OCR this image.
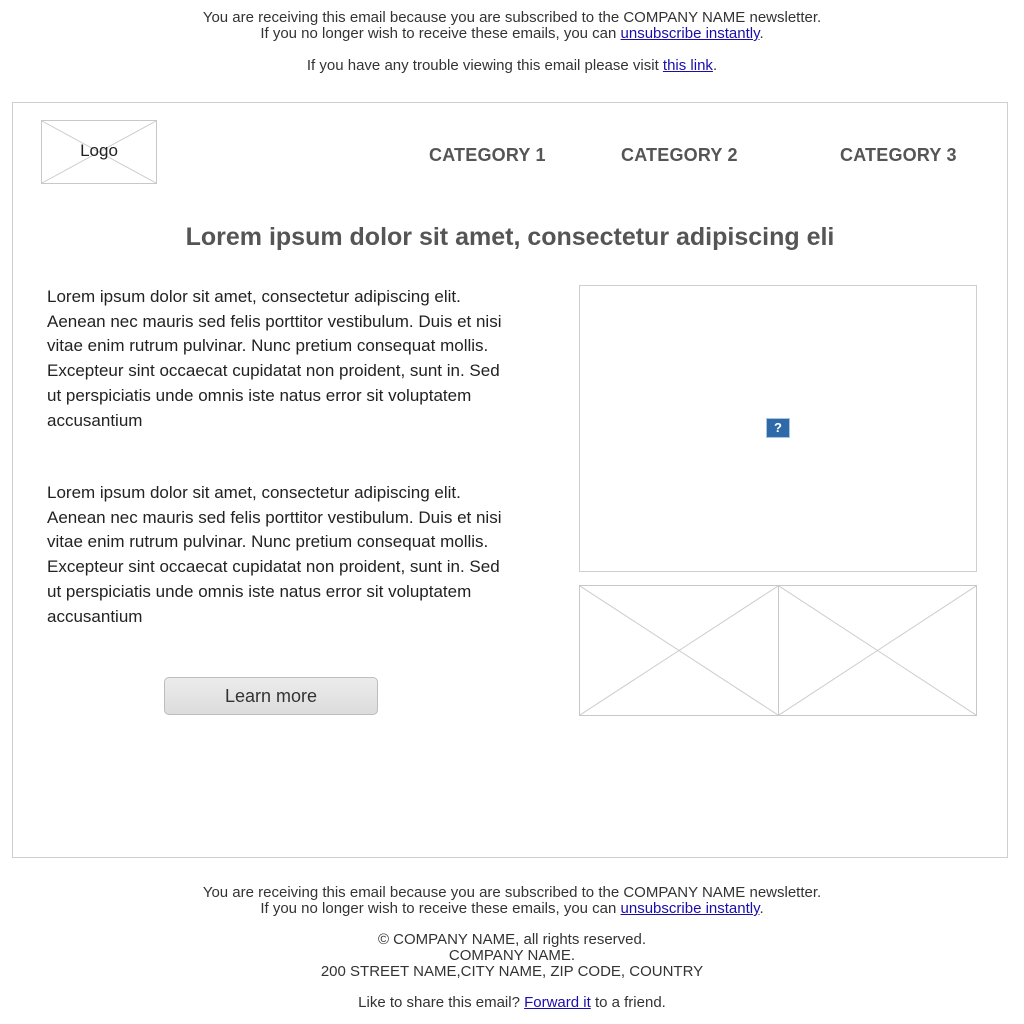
You are receiving this email because you are subscribed to the COMPANY NAME newsletter.
If you no longer wish to receive these emails, you can unsubscribe instantly.
If you have any trouble viewing this email please visit this link.
Logo	CATEGORY 1	CATEGORY 2	CATEGORY 3
Lorem ipsum dolor sit amet, consectetur adipiscing eli
Lorem ipsum dolor sit amet, consectetur adipiscing elit. Aenean nec mauris sed felis porttitor vestibulum. Duis et nisi vitae enim rutrum pulvinar. Nunc pretium consequat mollis. Excepteur sint occaecat cupidatat non proident, sunt in. Sed ut perspiciatis unde omnis iste natus error sit voluptatem accusantium
Lorem ipsum dolor sit amet, consectetur adipiscing elit. Aenean nec mauris sed felis porttitor vestibulum. Duis et nisi vitae enim rutrum pulvinar. Nunc pretium consequat mollis. Excepteur sint occaecat cupidatat non proident, sunt in. Sed ut perspiciatis unde omnis iste natus error sit voluptatem accusantium
Learn more
?
You are receiving this email because you are subscribed to the COMPANY NAME newsletter.
If you no longer wish to receive these emails, you can unsubscribe instantly.
© COMPANY NAME, all rights reserved.
COMPANY NAME.
200 STREET NAME,CITY NAME, ZIP CODE, COUNTRY
Like to share this email? Forward it to a friend.
